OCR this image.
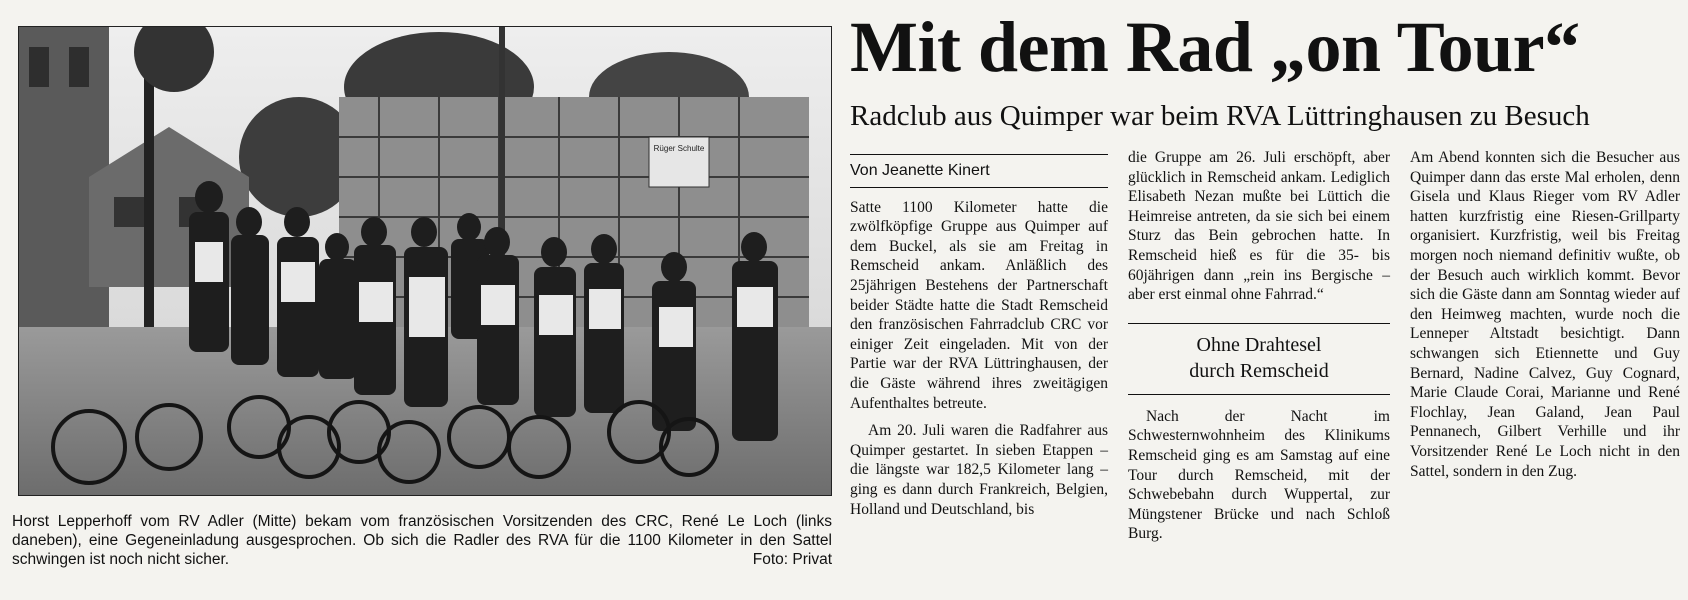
Rüger Schulte
Horst Lepperhoff vom RV Adler (Mitte) bekam vom französischen Vorsitzenden des CRC, René Le Loch (links daneben), eine Gegeneinladung ausgesprochen. Ob sich die Radler des RVA für die 1100 Kilometer in den Sattel schwingen ist noch nicht sicher.	Foto: Privat
Mit dem Rad „on Tour“
Radclub aus Quimper war beim RVA Lüttringhausen zu Besuch
Von Jeanette Kinert

Satte 1100 Kilometer hatte die zwölfköpfige Gruppe aus Quimper auf dem Buckel, als sie am Freitag in Remscheid ankam. Anläßlich des 25jährigen Bestehens der Partnerschaft beider Städte hatte die Stadt Remscheid den französischen Fahrradclub CRC vor einiger Zeit eingeladen. Mit von der Partie war der RVA Lüttringhausen, der die Gäste während ihres zweitägigen Aufenthaltes betreute.

Am 20. Juli waren die Radfahrer aus Quimper gestartet. In sieben Etappen – die längste war 182,5 Kilometer lang – ging es dann durch Frankreich, Belgien, Holland und Deutschland, bis

die Gruppe am 26. Juli erschöpft, aber glücklich in Remscheid ankam. Lediglich Elisabeth Nezan mußte bei Lüttich die Heimreise antreten, da sie sich bei einem Sturz das Bein gebrochen hatte. In Remscheid hieß es für die 35- bis 60jährigen dann „rein ins Bergische – aber erst einmal ohne Fahrrad.“

Ohne Drahtesel
durch Remscheid

Nach der Nacht im Schwesternwohnheim des Klinikums Remscheid ging es am Samstag auf eine Tour durch Remscheid, mit der Schwebebahn durch Wuppertal, zur Müngstener Brücke und nach Schloß Burg.

Am Abend konnten sich die Besucher aus Quimper dann das erste Mal erholen, denn Gisela und Klaus Rieger vom RV Adler hatten kurzfristig eine Riesen-Grillparty organisiert. Kurzfristig, weil bis Freitag morgen noch niemand definitiv wußte, ob der Besuch auch wirklich kommt. Bevor sich die Gäste dann am Sonntag wieder auf den Heimweg machten, wurde noch die Lenneper Altstadt besichtigt. Dann schwangen sich Etiennette und Guy Bernard, Nadine Calvez, Guy Cognard, Marie Claude Corai, Marianne und René Flochlay, Jean Galand, Jean Paul Pennanech, Gilbert Verhille und ihr Vorsitzender René Le Loch nicht in den Sattel, sondern in den Zug.
